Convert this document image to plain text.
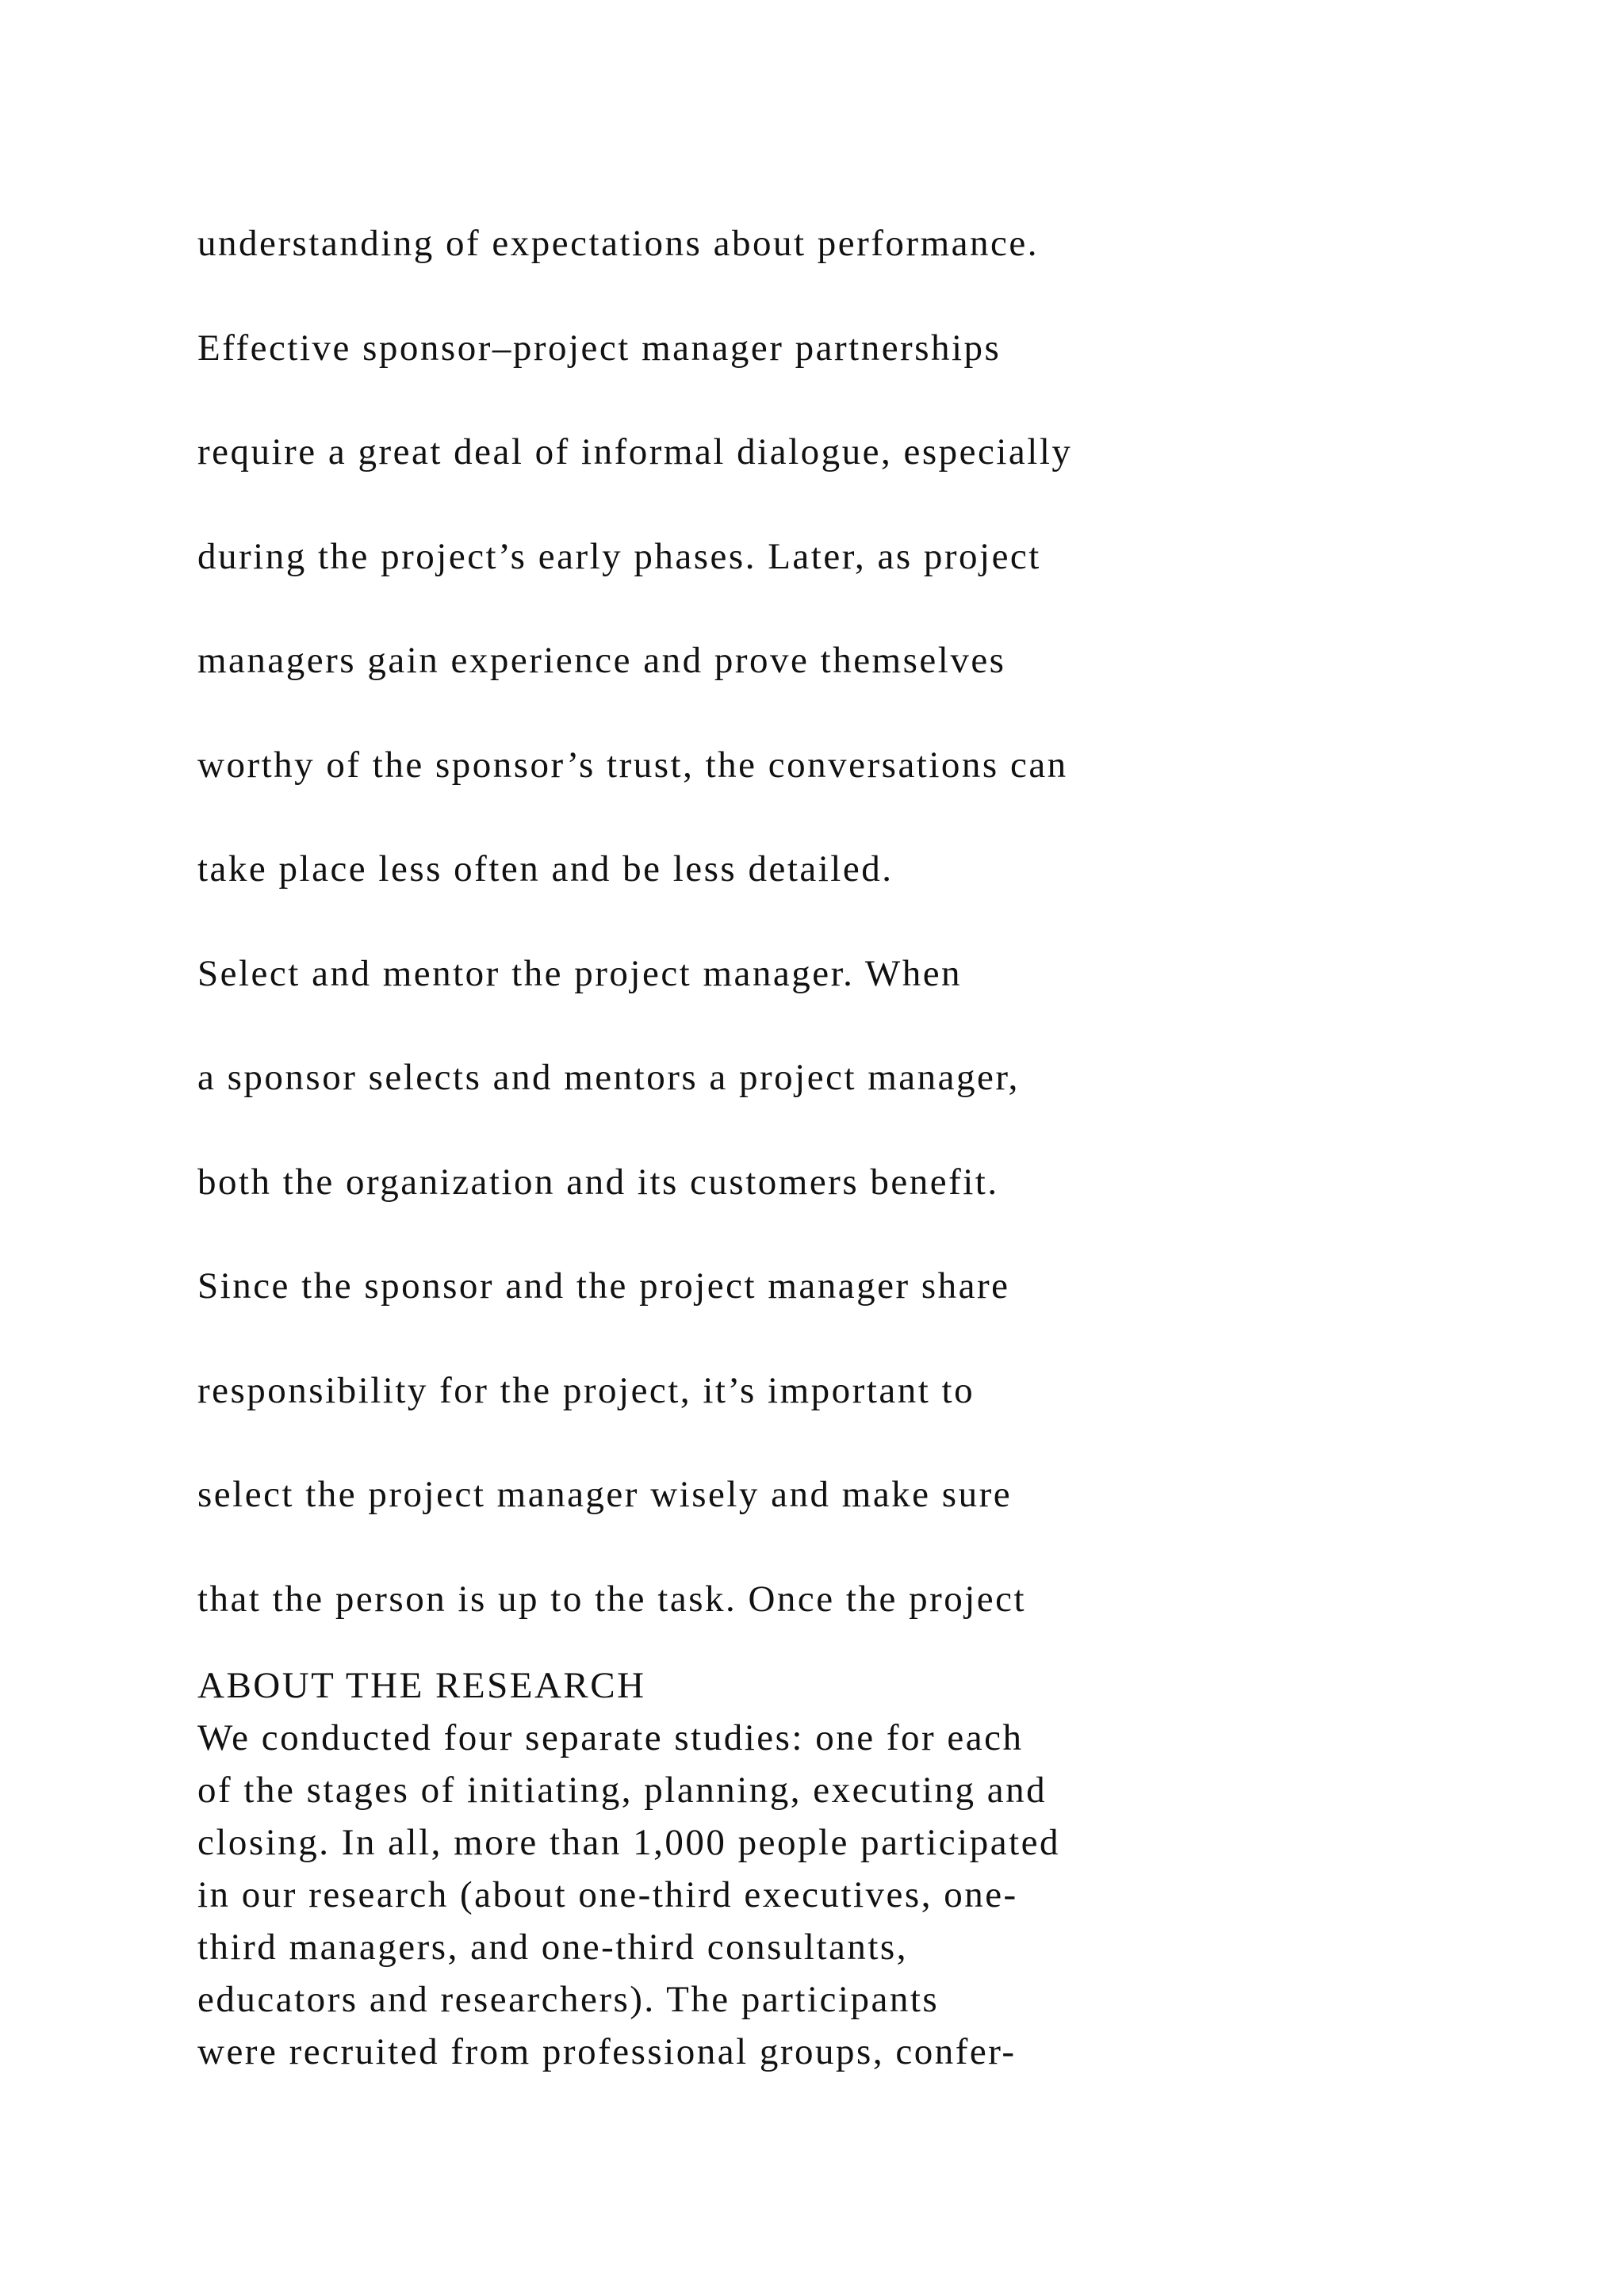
understanding of expectations about performance.
Effective sponsor–project manager partnerships
require a great deal of informal dialogue, especially
during the project’s early phases. Later, as project
managers gain experience and prove themselves
worthy of the sponsor’s trust, the conversations can
take place less often and be less detailed.
Select and mentor the project manager. When
a sponsor selects and mentors a project manager,
both the organization and its customers benefit.
Since the sponsor and the project manager share
responsibility for the project, it’s important to
select the project manager wisely and make sure
that the person is up to the task. Once the project
ABOUT THE RESEARCH
We conducted four separate studies: one for each
of the stages of initiating, planning, executing and
closing. In all, more than 1,000 people participated
in our research (about one-third executives, one-
third managers, and one-third consultants,
educators and researchers). The participants
were recruited from professional groups, confer-
